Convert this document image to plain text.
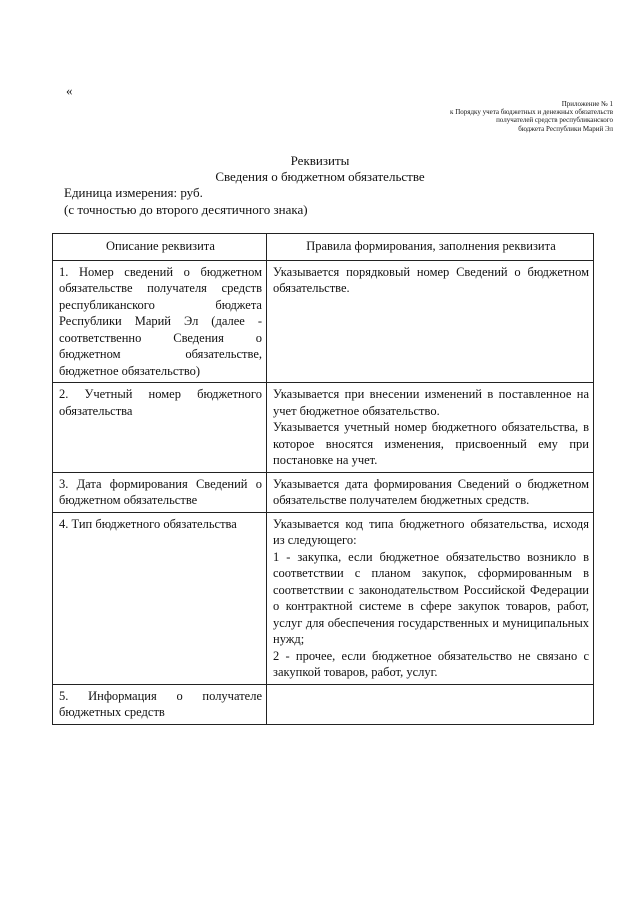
«
Приложение № 1
к Порядку учета бюджетных и денежных обязательств
получателей средств республиканского
бюджета Республики Марий Эл
Реквизиты
Сведения о бюджетном обязательстве
Единица измерения: руб.
(с точностью до второго десятичного знака)
Описание реквизита	Правила формирования, заполнения реквизита
1. Номер сведений о бюджетном обязательстве получателя средств республиканского бюджета Республики Марий Эл (далее - соответственно Сведения о бюджетном обязательстве, бюджетное обязательство)	Указывается порядковый номер Сведений о бюджетном обязательстве.

2. Учетный номер бюджетного обязательства	Указывается при внесении изменений в поставленное на учет бюджетное обязательство.
Указывается учетный номер бюджетного обязательства, в которое вносятся изменения, присвоенный ему при постановке на учет.

3. Дата формирования Сведений о бюджетном обязательстве	Указывается дата формирования Сведений о бюджетном обязательстве получателем бюджетных средств.

4. Тип бюджетного обязательства	Указывается код типа бюджетного обязательства, исходя из следующего:
1 - закупка, если бюджетное обязательство возникло в соответствии с планом закупок, сформированным в соответствии с законодательством Российской Федерации о контрактной системе в сфере закупок товаров, работ, услуг для обеспечения государственных и муниципальных нужд;
2 - прочее, если бюджетное обязательство не связано с закупкой товаров, работ, услуг.

5. Информация о получателе бюджетных средств	
